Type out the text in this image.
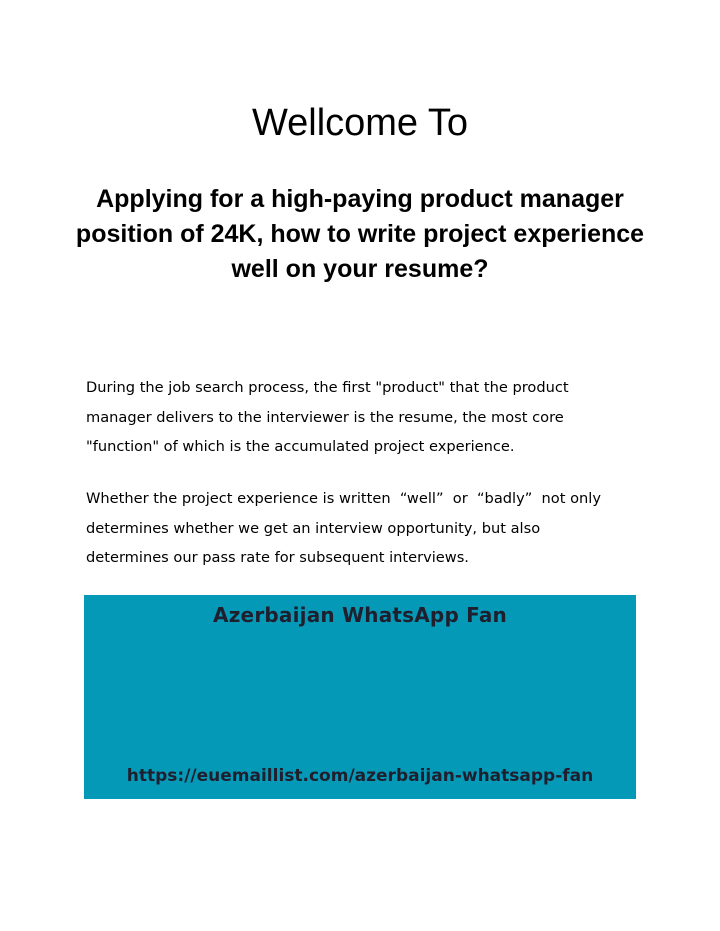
Wellcome To
Applying for a high-paying product manager position of 24K, how to write project experience well on your resume?

During the job search process, the first "product" that the product
manager delivers to the interviewer is the resume, the most core
"function" of which is the accumulated project experience.

Whether the project experience is written  “well”  or  “badly”  not only
determines whether we get an interview opportunity, but also
determines our pass rate for subsequent interviews.

Azerbaijan WhatsApp Fan

https://euemaillist.com/azerbaijan-whatsapp-fan
